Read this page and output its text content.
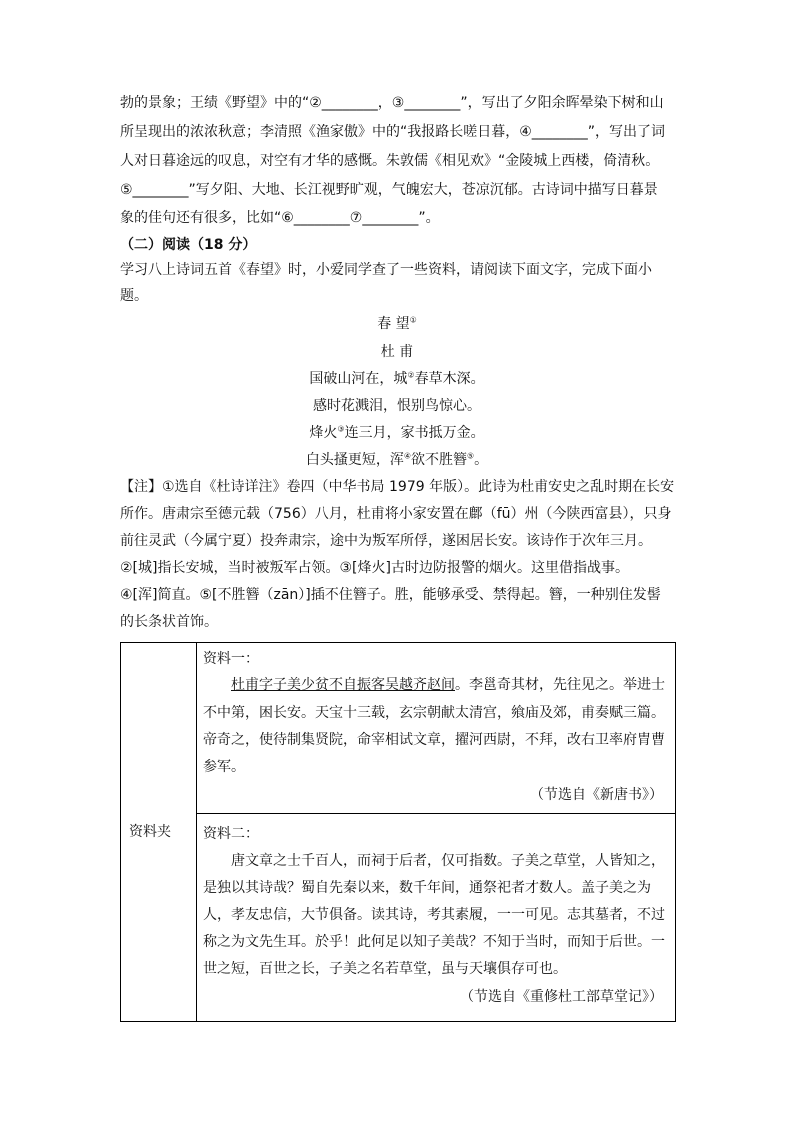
勃的景象；王绩《野望》中的“②________，③________”，写出了夕阳余晖晕染下树和山
所呈现出的浓浓秋意；李清照《渔家傲》中的“我报路长嗟日暮，④________”，写出了词
人对日暮途远的叹息，对空有才华的感慨。朱敦儒《相见欢》“金陵城上西楼，倚清秋。
⑤________”写夕阳、大地、长江视野旷观，气魄宏大，苍凉沉郁。古诗词中描写日暮景
象的佳句还有很多，比如“⑥________⑦________”。
（二）阅读（18 分）
学习八上诗词五首《春望》时，小爱同学查了一些资料，请阅读下面文字，完成下面小
题。
春 望①
杜 甫
国破山河在，城②春草木深。
感时花溅泪，恨别鸟惊心。
烽火③连三月，家书抵万金。
白头搔更短，浑④欲不胜簪⑤。
【注】①选自《杜诗详注》卷四（中华书局 1979 年版）。此诗为杜甫安史之乱时期在长安
所作。唐肃宗至德元载（756）八月，杜甫将小家安置在鄜（fū）州（今陕西富县），只身
前往灵武（今属宁夏）投奔肃宗，途中为叛军所俘，遂困居长安。该诗作于次年三月。
②[城]指长安城，当时被叛军占领。③[烽火]古时边防报警的烟火。这里借指战事。
④[浑]简直。⑤[不胜簪（zān）]插不住簪子。胜，能够承受、禁得起。簪，一种别住发髻
的长条状首饰。
资料夹

资料一：
杜甫字子美少贫不自振客吴越齐赵间。李邕奇其材，先往见之。举进士
不中第，困长安。天宝十三载，玄宗朝献太清宫，飨庙及郊，甫奏赋三篇。
帝奇之，使待制集贤院，命宰相试文章，擢河西尉，不拜，改右卫率府胄曹
参军。
（节选自《新唐书》）

资料二：
唐文章之士千百人，而祠于后者，仅可指数。子美之草堂，人皆知之，
是独以其诗哉？蜀自先秦以来，数千年间，通祭祀者才数人。盖子美之为
人，孝友忠信，大节俱备。读其诗，考其素履，一一可见。志其墓者，不过
称之为文先生耳。於乎！此何足以知子美哉？不知于当时，而知于后世。一
世之短，百世之长，子美之名若草堂，虽与天壤俱存可也。
（节选自《重修杜工部草堂记》）
